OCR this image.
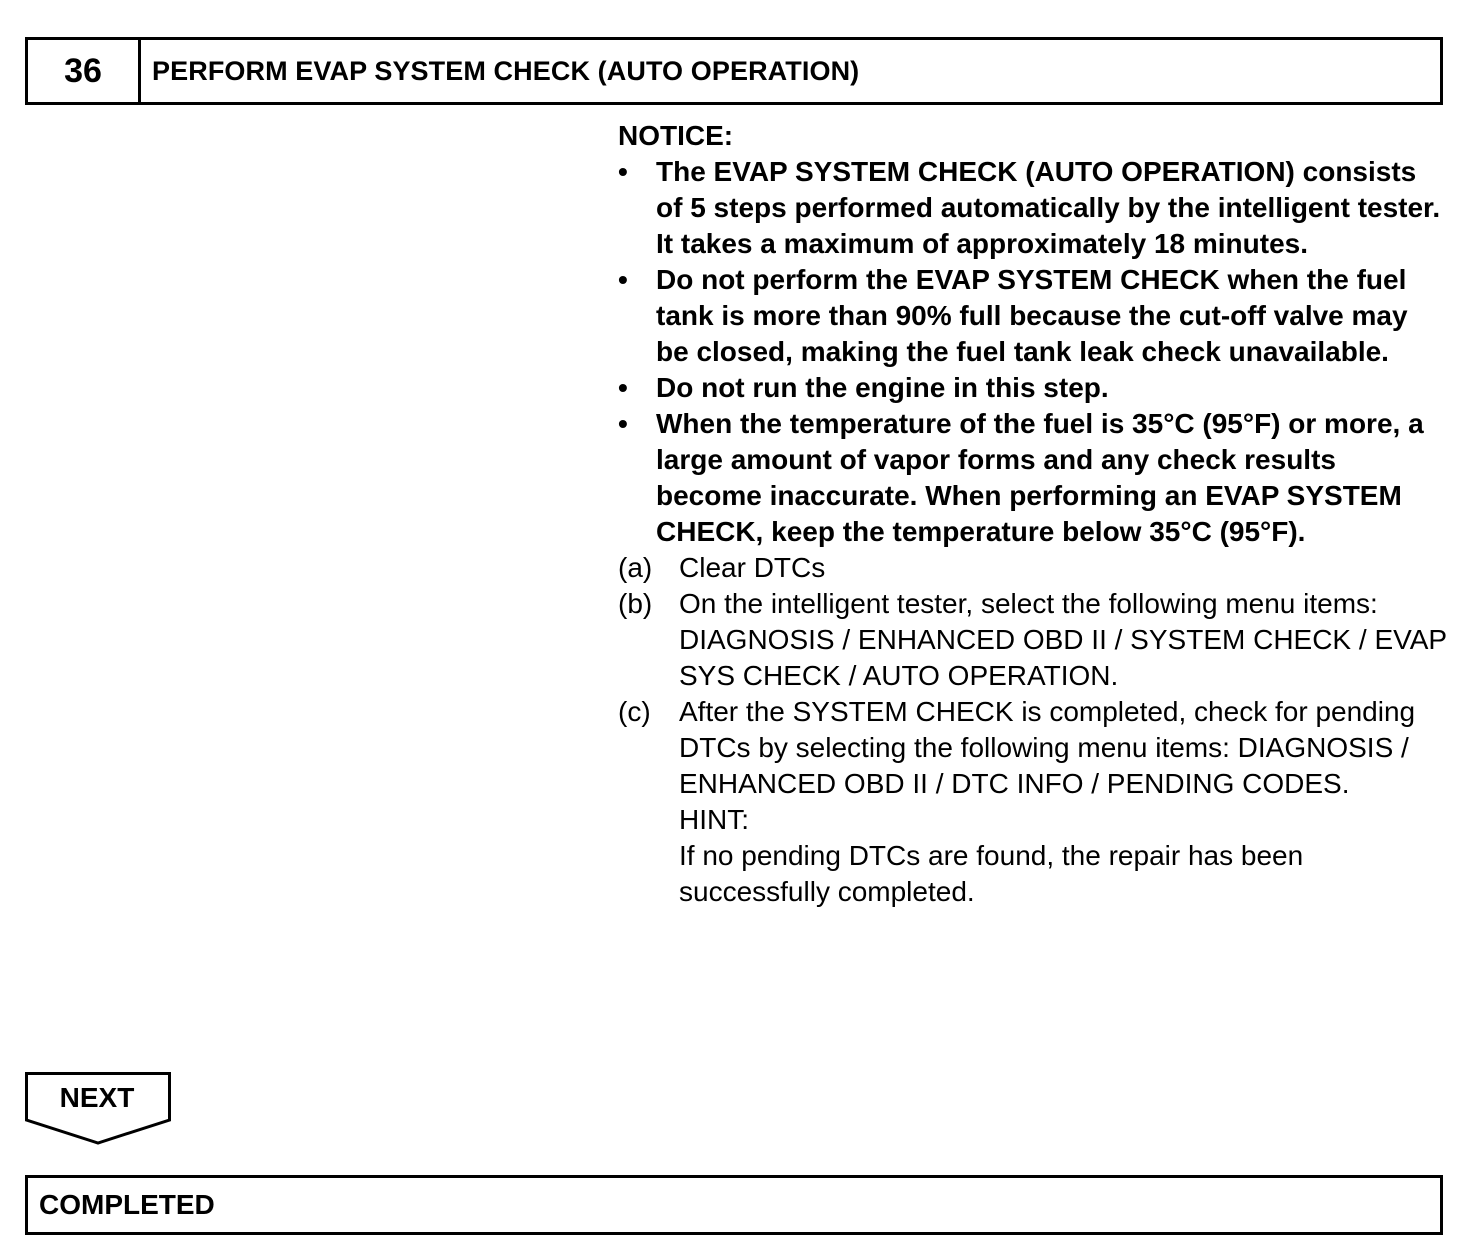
36	PERFORM EVAP SYSTEM CHECK (AUTO OPERATION)
NOTICE:
• The EVAP SYSTEM CHECK (AUTO OPERATION) consists of 5 steps performed automatically by the intelligent tester. It takes a maximum of approximately 18 minutes.
• Do not perform the EVAP SYSTEM CHECK when the fuel tank is more than 90% full because the cut-off valve may be closed, making the fuel tank leak check unavailable.
• Do not run the engine in this step.
• When the temperature of the fuel is 35°C (95°F) or more, a large amount of vapor forms and any check results become inaccurate. When performing an EVAP SYSTEM CHECK, keep the temperature below 35°C (95°F).
(a) Clear DTCs
(b) On the intelligent tester, select the following menu items: DIAGNOSIS / ENHANCED OBD II / SYSTEM CHECK / EVAP SYS CHECK / AUTO OPERATION.
(c) After the SYSTEM CHECK is completed, check for pending DTCs by selecting the following menu items: DIAGNOSIS / ENHANCED OBD II / DTC INFO / PENDING CODES.
HINT:
If no pending DTCs are found, the repair has been successfully completed.
NEXT
COMPLETED
